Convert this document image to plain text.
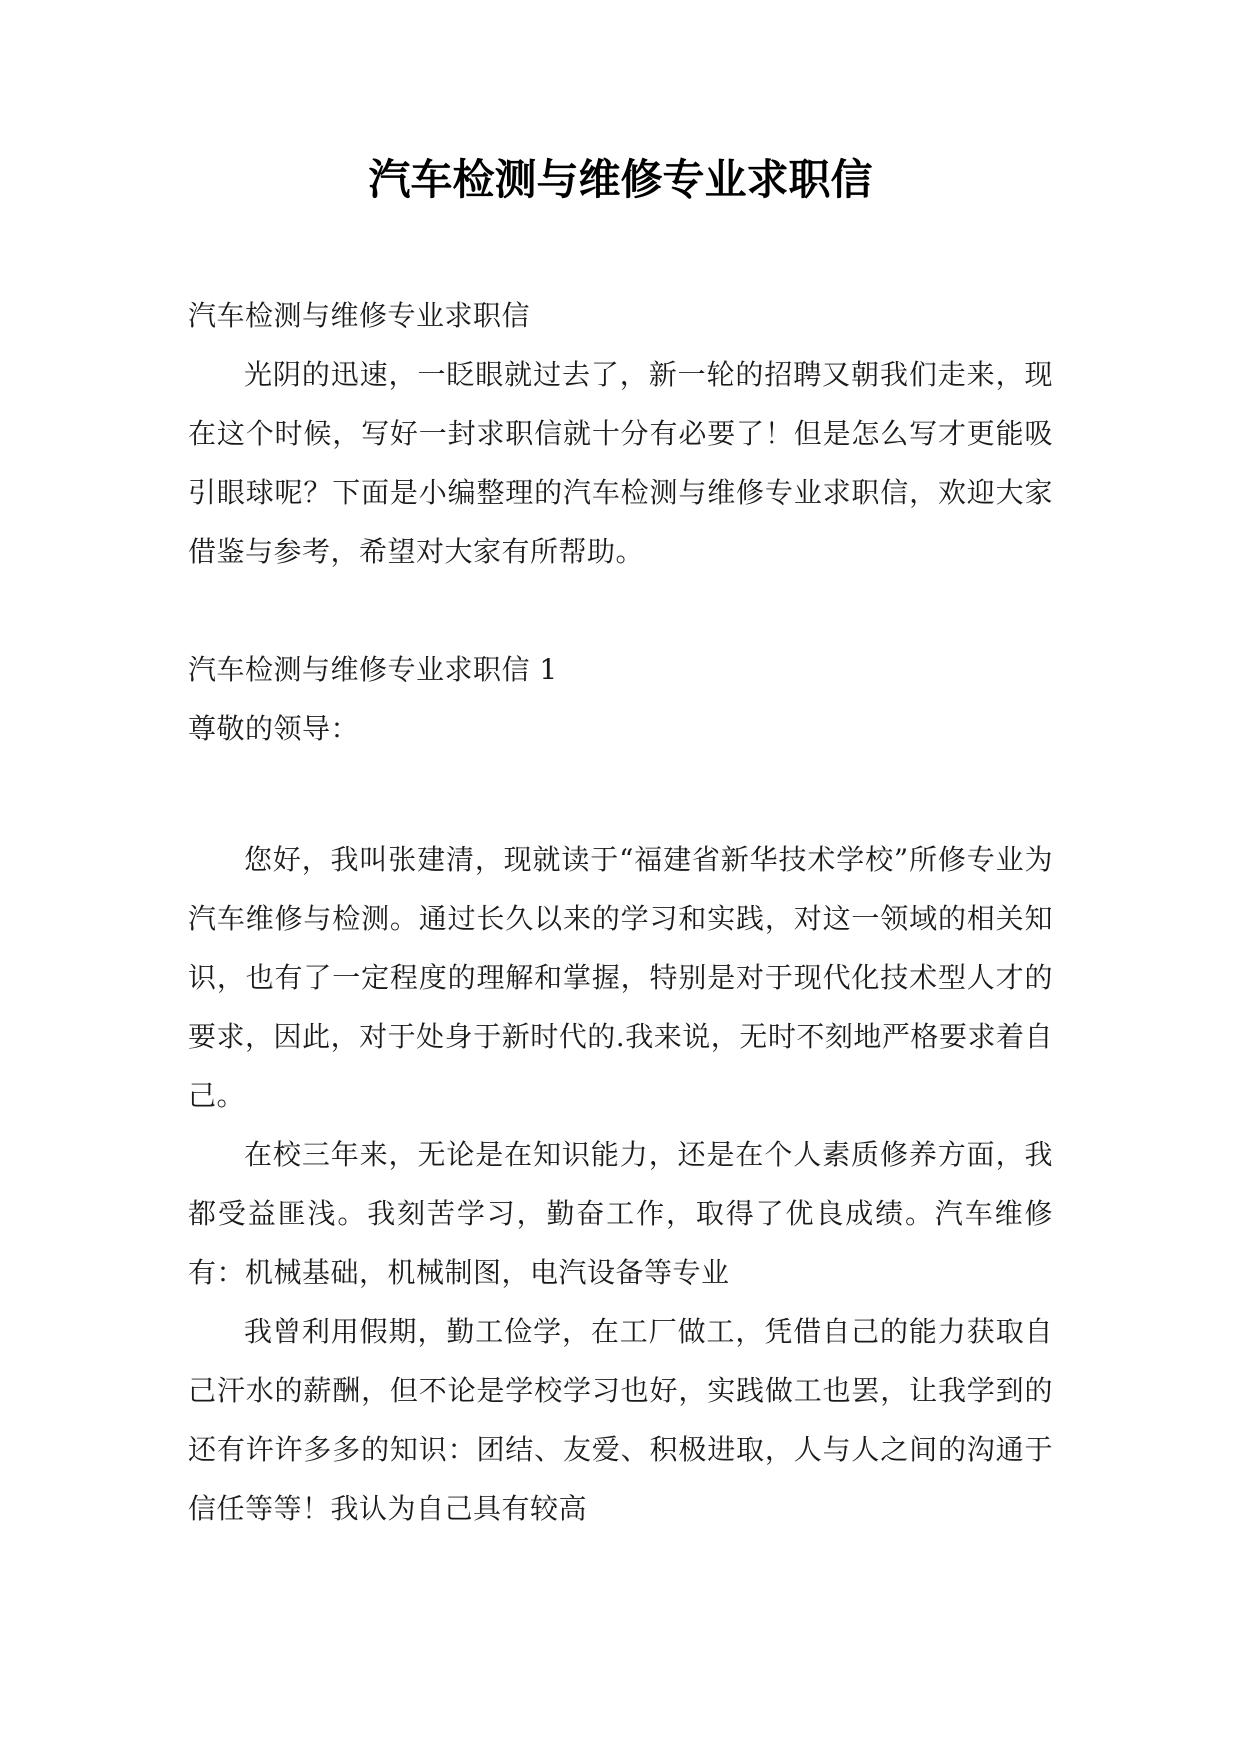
汽车检测与维修专业求职信

汽车检测与维修专业求职信

光阴的迅速，一眨眼就过去了，新一轮的招聘又朝我们走来，现在这个时候，写好一封求职信就十分有必要了！但是怎么写才更能吸引眼球呢？下面是小编整理的汽车检测与维修专业求职信，欢迎大家借鉴与参考，希望对大家有所帮助。

汽车检测与维修专业求职信 1

尊敬的领导：

您好，我叫张建清，现就读于“福建省新华技术学校”所修专业为汽车维修与检测。通过长久以来的学习和实践，对这一领域的相关知识，也有了一定程度的理解和掌握，特别是对于现代化技术型人才的要求，因此，对于处身于新时代的.我来说，无时不刻地严格要求着自己。

在校三年来，无论是在知识能力，还是在个人素质修养方面，我都受益匪浅。我刻苦学习，勤奋工作，取得了优良成绩。汽车维修有：机械基础，机械制图，电汽设备等专业

我曾利用假期，勤工俭学，在工厂做工，凭借自己的能力获取自己汗水的薪酬，但不论是学校学习也好，实践做工也罢，让我学到的还有许许多多的知识：团结、友爱、积极进取，人与人之间的沟通于信任等等！我认为自己具有较高
